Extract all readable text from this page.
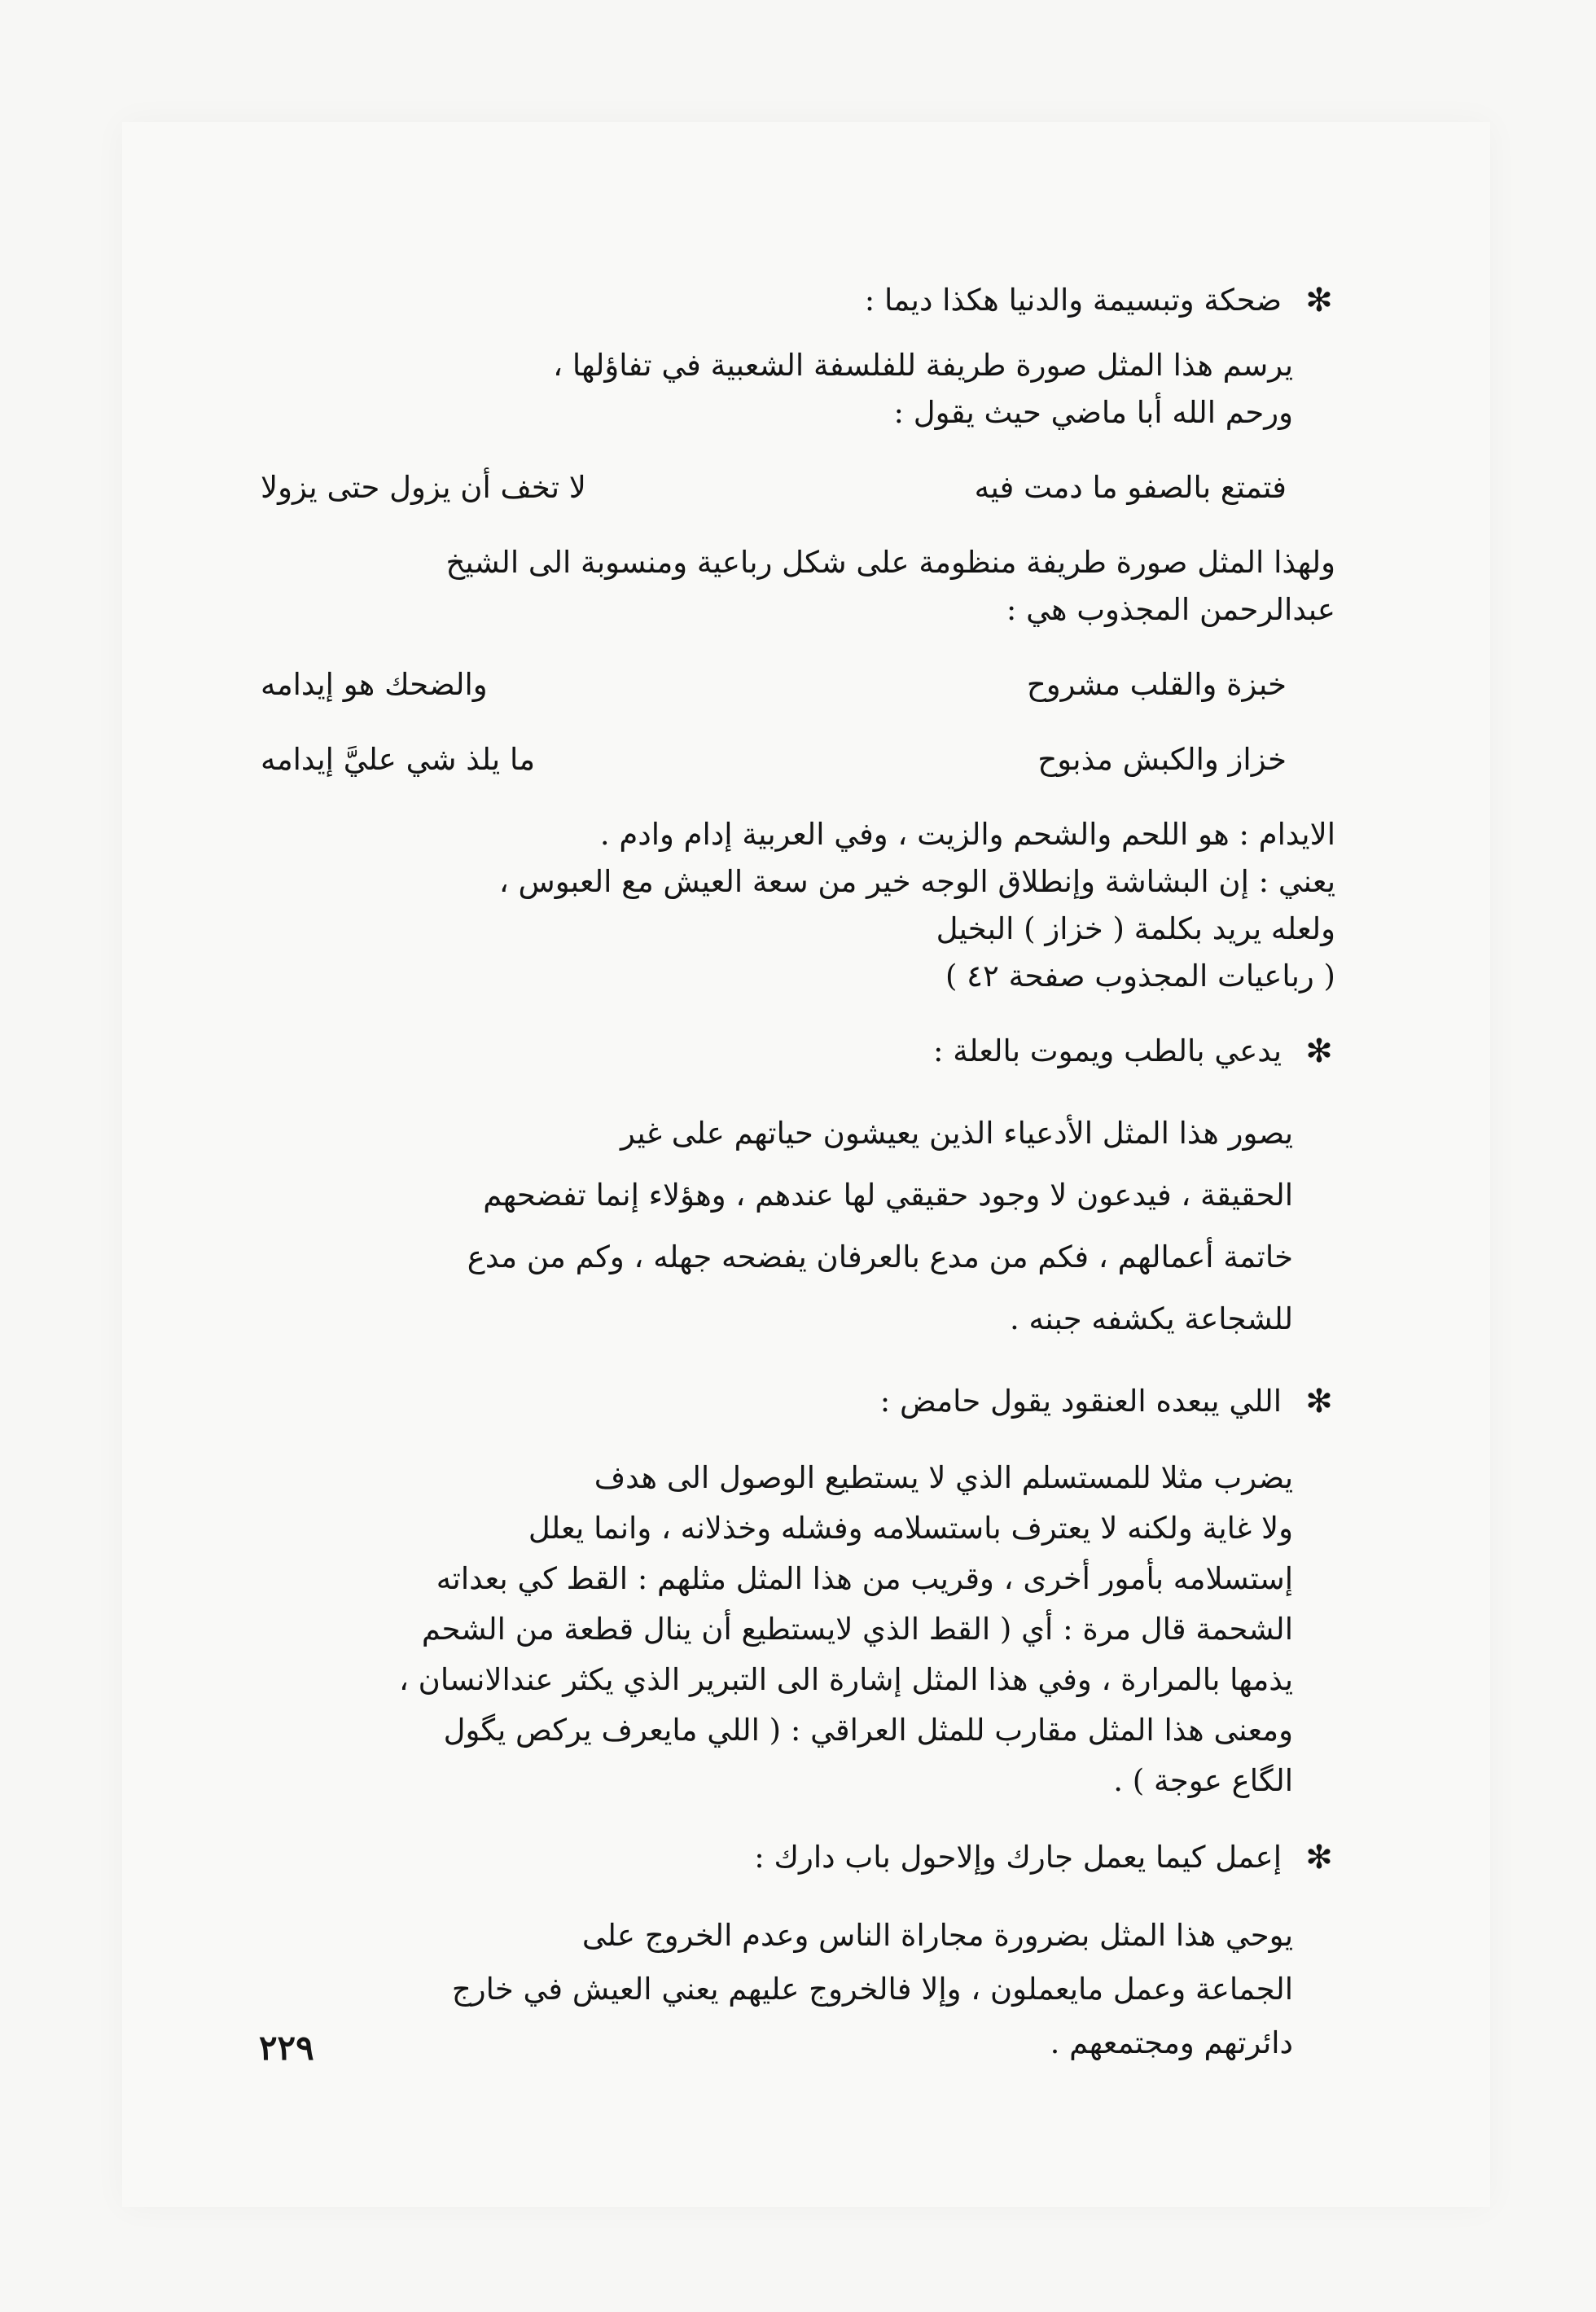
✻
ضحكة وتبسيمة والدنيا هكذا ديما :
يرسم هذا المثل صورة طريفة للفلسفة الشعبية في تفاؤلها ،
ورحم الله أبا ماضي حيث يقول :
فتمتع بالصفو ما دمت فيه
لا تخف أن يزول حتى يزولا
ولهذا المثل صورة طريفة منظومة على شكل رباعية ومنسوبة الى الشيخ
عبدالرحمن المجذوب هي :
خبزة والقلب مشروح
والضحك هو إيدامه
خزاز والكبش مذبوح
ما يلذ شي عليَّ إيدامه
الايدام : هو اللحم والشحم والزيت ، وفي العربية إدام وادم .
يعني : إن البشاشة وإنطلاق الوجه خير من سعة العيش مع العبوس ،
ولعله يريد بكلمة ( خزاز ) البخيل
( رباعيات المجذوب صفحة ٤٢ )
✻
يدعي بالطب ويموت بالعلة :
يصور هذا المثل الأدعياء الذين يعيشون حياتهم على غير
الحقيقة ، فيدعون لا وجود حقيقي لها عندهم ، وهؤلاء إنما تفضحهم
خاتمة أعمالهم ، فكم من مدع بالعرفان يفضحه جهله ، وكم من مدع
للشجاعة يكشفه جبنه .
✻
اللي يبعده العنقود يقول حامض :
يضرب مثلا للمستسلم الذي لا يستطيع الوصول الى هدف
ولا غاية ولكنه لا يعترف باستسلامه وفشله وخذلانه ، وانما يعلل
إستسلامه بأمور أخرى ، وقريب من هذا المثل مثلهم : القط كي بعداته
الشحمة قال مرة : أي ( القط الذي لايستطيع أن ينال قطعة من الشحم
يذمها بالمرارة ، وفي هذا المثل إشارة الى التبرير الذي يكثر عندالانسان ،
ومعنى هذا المثل مقارب للمثل العراقي : ( اللي مايعرف يركص يگول
الگاع عوجة ) .
✻
إعمل كيما يعمل جارك وإلاحول باب دارك :
يوحي هذا المثل بضرورة مجاراة الناس وعدم الخروج على
الجماعة وعمل مايعملون ، وإلا فالخروج عليهم يعني العيش في خارج
دائرتهم ومجتمعهم .
٢٢٩
